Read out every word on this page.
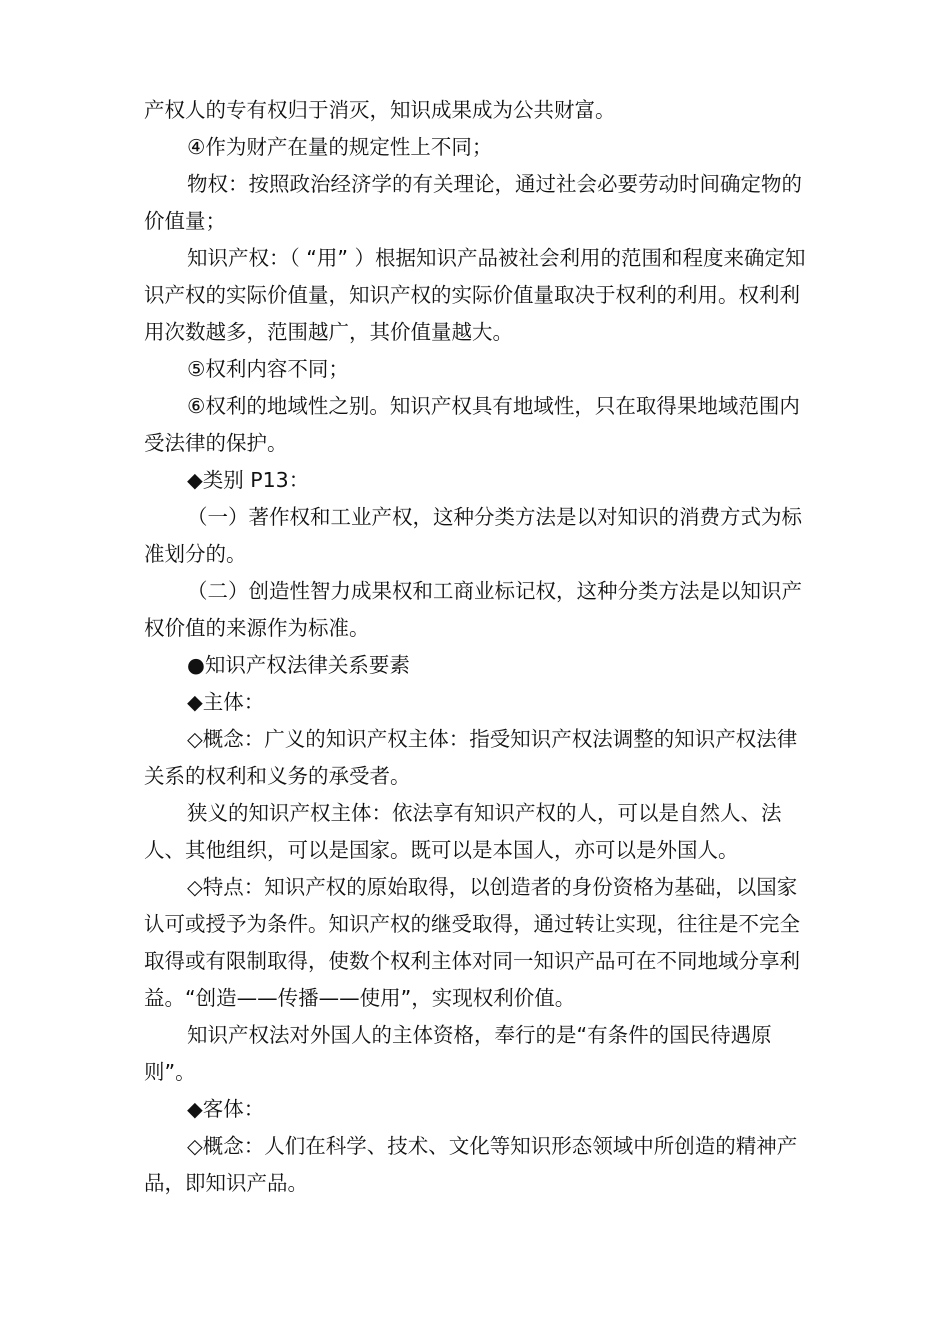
产权人的专有权归于消灭，知识成果成为公共财富。

④作为财产在量的规定性上不同；

物权：按照政治经济学的有关理论，通过社会必要劳动时间确定物的价值量；

知识产权：（ “用” ）根据知识产品被社会利用的范围和程度来确定知识产权的实际价值量，知识产权的实际价值量取决于权利的利用。权利利用次数越多，范围越广，其价值量越大。

⑤权利内容不同；

⑥权利的地域性之别。知识产权具有地域性，只在取得果地域范围内受法律的保护。

◆类别 P13：

（一）著作权和工业产权，这种分类方法是以对知识的消费方式为标准划分的。

（二）创造性智力成果权和工商业标记权，这种分类方法是以知识产权价值的来源作为标准。

●知识产权法律关系要素

◆主体：

◇概念：广义的知识产权主体：指受知识产权法调整的知识产权法律关系的权利和义务的承受者。

狭义的知识产权主体：依法享有知识产权的人，可以是自然人、法人、其他组织，可以是国家。既可以是本国人，亦可以是外国人。

◇特点：知识产权的原始取得，以创造者的身份资格为基础，以国家认可或授予为条件。知识产权的继受取得，通过转让实现，往往是不完全取得或有限制取得，使数个权利主体对同一知识产品可在不同地域分享利益。“创造——传播——使用”，实现权利价值。

知识产权法对外国人的主体资格，奉行的是“有条件的国民待遇原则”。

◆客体：

◇概念：人们在科学、技术、文化等知识形态领域中所创造的精神产品，即知识产品。
